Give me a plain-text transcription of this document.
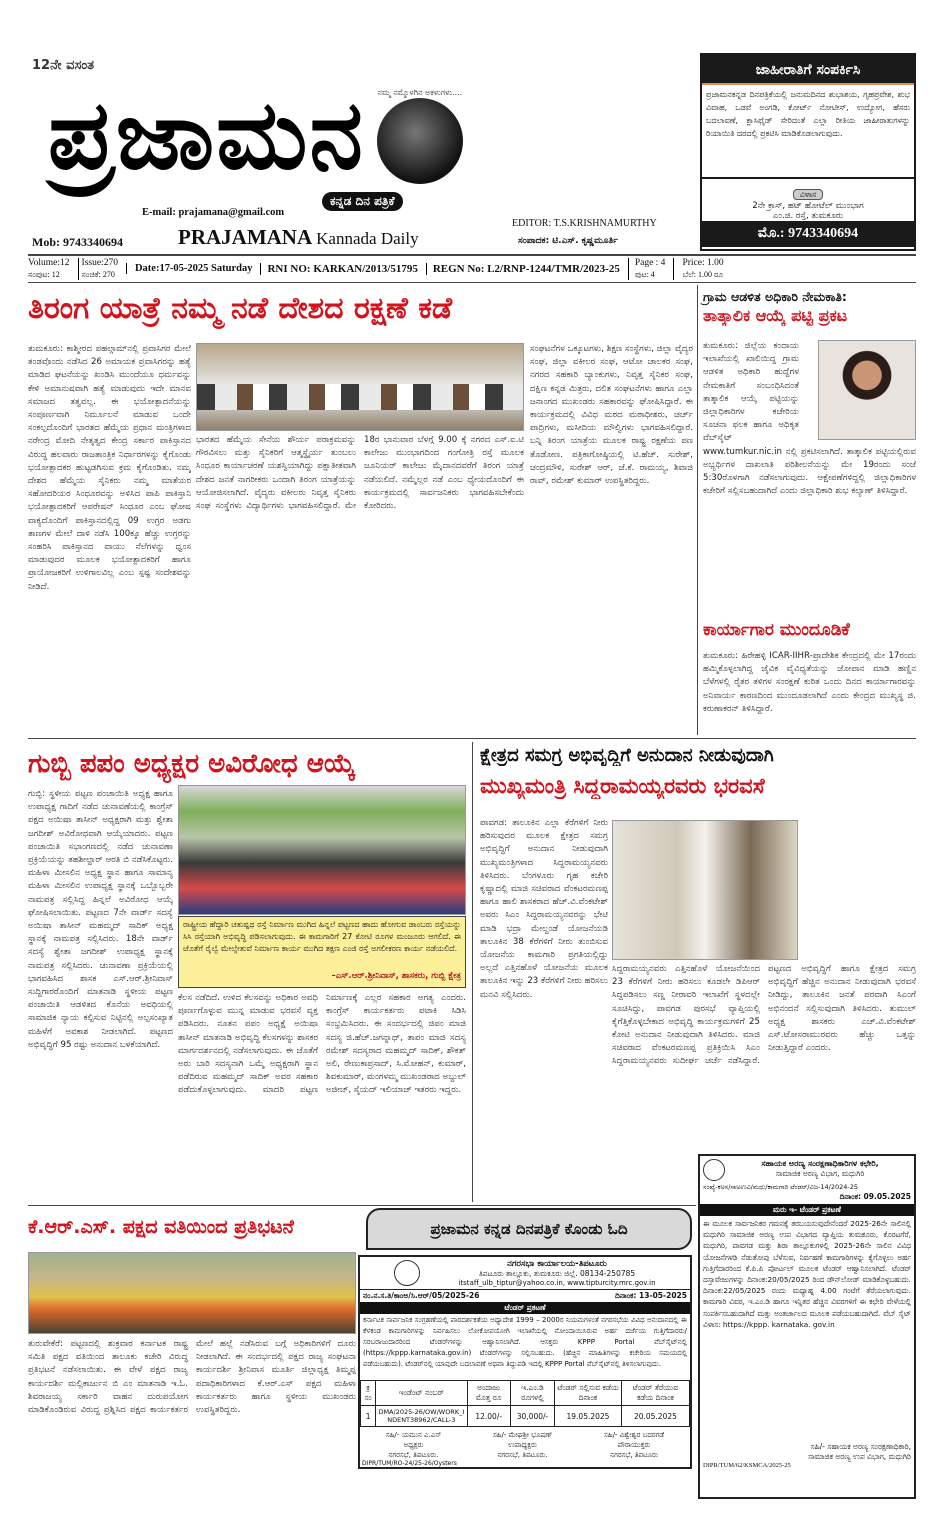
12ನೇ ವಸಂತ
ಪ್ರಜಾಮನ ನಮ್ಮ ನಮ್ಮೊಳಗಿನ ಅಕಳುಗಳು....
ಕನ್ನಡ ದಿನ ಪತ್ರಿಕೆ
E-mail: prajamana@gmail.com
Mob: 9743340694	PRAJAMANA Kannada Daily
EDITOR: T.S.KRISHNAMURTHY
ಸಂಪಾದಕ: ಟಿ.ಎಸ್. ಕೃಷ್ಣಮೂರ್ತಿ
ಜಾಹೀರಾತಿಗೆ ಸಂಪರ್ಕಿಸಿ
ಪ್ರಜಾಮನಕನ್ನಡ ದಿನಪತ್ರಿಕೆಯಲ್ಲಿ ಜನುಮದಿನದ ಶುಭಾಶಯ, ಗೃಹಪ್ರವೇಶ, ಶುಭ ವಿವಾಹ, ಒಡವೆ ಅಂಗಡಿ, ಕೋರ್ಟ್ ನೋಟೀಸ್, ಉದ್ಯೋಗ, ಹೆಸರು ಬದಲಾವಣೆ, ಕ್ಲಾಸಿಫೈಡ್ ಸೇರಿದಂತೆ ಎಲ್ಲಾ ರೀತಿಯ ಜಾಹೀರಾತುಗಳನ್ನು ರಿಯಾಯಿತಿ ದರದಲ್ಲಿ ಪ್ರಕಟಿಸಿ ಮಾಡಿಕೊಡಲಾಗುವುದು.
ವಿಳಾಸ
2ನೇ ಕ್ರಾಸ್, ಹಟ್ ಹೋಟೆಲ್ ಮುಂಭಾಗ
ಎಂ.ಜಿ. ರಸ್ತೆ, ತುಮಕೂರು
ಮೊ.: 9743340694
Volume:12
ಸಂಪುಟ: 12
Issue:270
ಸಂಚಿಕೆ: 270	Date:17-05-2025 Saturday	RNI NO: KARKAN/2013/51795	REGN No: L2/RNP-1244/TMR/2023-25 Page : 4
ಪುಟ: 4
Price: 1.00
ಬೆಲೆ: 1.00 ರೂ
ತಿರಂಗ ಯಾತ್ರೆ ನಮ್ಮ ನಡೆ ದೇಶದ ರಕ್ಷಣೆ ಕಡೆ
ತುಮಕೂರು: ಕಾಶ್ಮೀರದ ಪಹಲ್ಗಾಮ್‌ನಲ್ಲಿ ಪ್ರವಾಸಿಗರ ಮೇಲೆ ತಂಡವೊಂದು ನಡೆಸಿದ 26 ಅಮಾಯಕ ಪ್ರವಾಸಿಗರನ್ನು ಹತ್ಯೆ ಮಾಡಿದ ಘಟನೆಯನ್ನು ಖಂಡಿಸಿ ಮುಂದೆಯೂ ಧರ್ಮವನ್ನು ಕೇಳಿ ಅಮಾನುಷವಾಗಿ ಹತ್ಯೆ ಮಾಡುವುದು ಇದೇ ಮಾನವ ಸಮಾಜದ ತತ್ವವಲ್ಲ. ಈ ಭಯೋತ್ಪಾದನೆಯನ್ನು ಸಂಪೂರ್ಣವಾಗಿ ನಿರ್ಮೂಲನೆ ಮಾಡುವ ಒಂದೇ ಸಂಕಲ್ಪದೊಂದಿಗೆ ಭಾರತದ ಹೆಮ್ಮೆಯ ಪ್ರಧಾನ ಮಂತ್ರಿಗಳಾದ ನರೇಂದ್ರ ಮೋದಿ ನೇತೃತ್ವದ ಕೇಂದ್ರ ಸರ್ಕಾರ ಪಾಕಿಸ್ತಾನದ ವಿರುದ್ಧ ಹಲವಾರು ರಾಜತಾಂತ್ರಿಕ ನಿರ್ಧಾರಗಳನ್ನು ಕೈಗೊಂಡು ಭಯೋತ್ಪಾದಕರ ಹುಟ್ಟಡಗಿಸುವ ಕ್ರಮ ಕೈಗೊಂಡಿತು. ನಮ್ಮ ದೇಶದ ಹೆಮ್ಮೆಯ ಸೈನಿಕರು ನಮ್ಮ ಮಾತೆಯರ ಸಹೋದರಿಯರ ಸಿಂಧೂರವನ್ನು ಅಳಿಸಿದ ಪಾಪಿ ಪಾಕಿಸ್ತಾನಿ ಭಯೋತ್ಪಾದಕರಿಗೆ ಆಪರೇಷನ್ ಸಿಂಧೂರ ಎಂಬ ಘೋಷ ವಾಕ್ಯದೊಂದಿಗೆ ಪಾಕಿಸ್ತಾನದಲ್ಲಿದ್ದ 09 ಉಗ್ರರ ಅಡಗು ತಾಣಗಳ ಮೇಲೆ ದಾಳಿ ನಡೆಸಿ 100ಕ್ಕೂ ಹೆಚ್ಚು ಉಗ್ರರನ್ನು ಸಂಹರಿಸಿ ಪಾಕಿಸ್ತಾನದ ವಾಯು ನೆಲೆಗಳನ್ನು ಧ್ವಂಸ ಮಾಡುವುದರ ಮೂಲಕ ಭಯೋತ್ಪಾದಕರಿಗೆ ಹಾಗೂ ಪ್ರಾಯೋಜಕರಿಗೆ ಉಳಿಗಾಲವಿಲ್ಲ ಎಂಬ ಸ್ಪಷ್ಟ ಸಂದೇಶವನ್ನು ನೀಡಿದೆ.
ಭಾರತದ ಹೆಮ್ಮೆಯ ಸೇನೆಯ ಶೌರ್ಯ ಪರಾಕ್ರಮವನ್ನು ಗೌರವಿಸಲು ಮತ್ತು ಸೈನಿಕರಿಗೆ ಆತ್ಮಸ್ಥೈರ್ಯ ತುಂಬಲು ಸಿಂಧೂರ ಕಾರ್ಯಾಚರಣೆ ಯಶಸ್ವಿಯಾಗಿದ್ದು ಪಕ್ಷಾತೀತವಾಗಿ ದೇಶದ ಜನತೆ ನಾಗರೀಕರು ಒಂದಾಗಿ ತಿರಂಗ ಯಾತ್ರೆಯನ್ನು ಆಯೋಜಿಸಲಾಗಿದೆ. ವೈದ್ಯರು ವಕೀಲರು ನಿವೃತ್ತ ಸೈನಿಕರು ಸಂಘ ಸಂಸ್ಥೆಗಳು ವಿದ್ಯಾರ್ಥಿಗಳು ಭಾಗವಹಿಸಲಿದ್ದಾರೆ. ಮೇ 18ರ ಭಾನುವಾರ ಬೆಳಗ್ಗೆ 9.00 ಕ್ಕೆ ನಗರದ ಎಸ್.ಐ.ಟಿ ಕಾಲೇಜು ಮುಂಭಾಗದಿಂದ ಗಂಗೋತ್ರಿ ರಸ್ತೆ ಮೂಲಕ ಜೂನಿಯರ್ ಕಾಲೇಜು ಮೈದಾನದವರೆಗೆ ತಿರಂಗ ಯಾತ್ರೆ ನಡೆಯಲಿದೆ. ನಮ್ಮೆಲ್ಲರ ನಡೆ ಎಂಬ ಧ್ಯೇಯದೊಂದಿಗೆ ಈ ಕಾರ್ಯಕ್ರಮದಲ್ಲಿ ಸಾರ್ವಜನಿಕರು ಭಾಗವಹಿಸಬೇಕೆಂದು ಕೋರಿದರು.
ಸಂಘಟನೆಗಳ ಒಕ್ಕೂಟಗಳು, ಶಿಕ್ಷಣ ಸಂಸ್ಥೆಗಳು, ಜಿಲ್ಲಾ ವೈದ್ಯರ ಸಂಘ, ಜಿಲ್ಲಾ ವಕೀಲರ ಸಂಘ, ಆಟೋ ಚಾಲಕರ ಸಂಘ, ನಗರದ ಸಹಕಾರಿ ಬ್ಯಾಂಕುಗಳು, ನಿವೃತ್ತ ಸೈನಿಕರ ಸಂಘ, ದಕ್ಷಿಣ ಕನ್ನಡ ಮಿತ್ರರು, ದಲಿತ ಸಂಘಟನೆಗಳು ಹಾಗೂ ಎಲ್ಲಾ ಜನಾಂಗದ ಮುಖಂಡರು ಸಹಕಾರವನ್ನು ಘೋಷಿಸಿದ್ದಾರೆ. ಈ ಕಾರ್ಯಕ್ರಮದಲ್ಲಿ ವಿವಿಧ ಮಠದ ಮಠಾಧೀಶರು, ಚರ್ಚ್ ಪಾದ್ರಿಗಳು, ಮಸೀದಿಯ ಮೌಲ್ವಿಗಳು ಭಾಗವಹಿಸಲಿದ್ದಾರೆ. ಬನ್ನಿ ತಿರಂಗ ಯಾತ್ರೆಯ ಮೂಲಕ ರಾಷ್ಟ್ರ ರಕ್ಷಣೆಯ ಪಣ ತೊಡೋಣ. ಪತ್ರಿಕಾಗೋಷ್ಠಿಯಲ್ಲಿ ಟಿ.ಹೆಚ್. ಸುರೇಶ್, ಚಂದ್ರಮೌಳಿ, ಸುರೇಶ್ ಆರ್, ಜೆ.ಕೆ. ರಾಮಯ್ಯ, ಶಿವಾಜಿ ರಾವ್, ರಮೇಶ್ ಕುಮಾರ್ ಉಪಸ್ಥಿತರಿದ್ದರು.
ಗ್ರಾಮ ಆಡಳಿತ ಅಧಿಕಾರಿ ನೇಮಕಾತಿ:
ತಾತ್ಕಾಲಿಕ ಆಯ್ಕೆ ಪಟ್ಟಿ ಪ್ರಕಟ
ತುಮಕೂರು: ಜಿಲ್ಲೆಯ ಕಂದಾಯ ಇಲಾಖೆಯಲ್ಲಿ ಖಾಲಿಯಿದ್ದ ಗ್ರಾಮ ಆಡಳಿತ ಅಧಿಕಾರಿ ಹುದ್ದೆಗಳ ನೇಮಕಾತಿಗೆ ಸಂಬಂಧಿಸಿದಂತೆ ತಾತ್ಕಾಲಿಕ ಆಯ್ಕೆ ಪಟ್ಟಿಯನ್ನು ಜಿಲ್ಲಾಧಿಕಾರಿಗಳ ಕಚೇರಿಯ ಸೂಚನಾ ಫಲಕ ಹಾಗೂ ಅಧಿಕೃತ ವೆಬ್‌ಸೈಟ್ www.tumkur.nic.in ನಲ್ಲಿ ಪ್ರಕಟಿಸಲಾಗಿದೆ. ತಾತ್ಕಾಲಿಕ ಪಟ್ಟಿಯಲ್ಲಿರುವ ಅಭ್ಯರ್ಥಿಗಳ ದಾಖಲಾತಿ ಪರಿಶೀಲನೆಯನ್ನು ಮೇ 19ರಂದು ಸಂಜೆ 5:30ರೊಳಗಾಗಿ ನಡೆಸಲಾಗುವುದು. ಆಕ್ಷೇಪಣೆಗಳಿದ್ದಲ್ಲಿ ಜಿಲ್ಲಾಧಿಕಾರಿಗಳ ಕಚೇರಿಗೆ ಸಲ್ಲಿಸಬಹುದಾಗಿದೆ ಎಂದು ಜಿಲ್ಲಾಧಿಕಾರಿ ಶುಭ ಕಲ್ಯಾಣ್ ತಿಳಿಸಿದ್ದಾರೆ.
ಕಾರ್ಯಾಗಾರ ಮುಂದೂಡಿಕೆ
ತುಮಕೂರು: ಹಿರೇಹಳ್ಳಿ ICAR-IIHR-ಪ್ರಾದೇಶಿಕ ಕೇಂದ್ರದಲ್ಲಿ ಮೇ 17ರಂದು ಹಮ್ಮಿಕೊಳ್ಳಲಾಗಿದ್ದ ಜೈವಿಕ ವೈವಿಧ್ಯತೆಯನ್ನು ಜೋಪಾನ ಮಾಡಿ ಹಣ್ಣಿನ ಬೆಳೆಗಳಲ್ಲಿ ರೈತರ ತಳಿಗಳ ಸಂರಕ್ಷಣೆ ಕುರಿತ ಒಂದು ದಿನದ ಕಾರ್ಯಾಗಾರವನ್ನು ಅನಿವಾರ್ಯ ಕಾರಣದಿಂದ ಮುಂದೂಡಲಾಗಿದೆ ಎಂದು ಕೇಂದ್ರದ ಮುಖ್ಯಸ್ಥ ಜಿ. ಕರುಣಾಕರನ್ ತಿಳಿಸಿದ್ದಾರೆ.
ಗುಬ್ಬಿ ಪಪಂ ಅಧ್ಯಕ್ಷರ ಅವಿರೋಧ ಆಯ್ಕೆ
ಗುಬ್ಬಿ: ಸ್ಥಳೀಯ ಪಟ್ಟಣ ಪಂಚಾಯಿತಿ ಅಧ್ಯಕ್ಷ ಹಾಗೂ ಉಪಾಧ್ಯಕ್ಷ ಗಾದಿಗೆ ನಡೆದ ಚುನಾವಣೆಯಲ್ಲಿ ಕಾಂಗ್ರೆಸ್ ಪಕ್ಷದ ಅಯಿಷಾ ತಾಸೀನ್ ಅಧ್ಯಕ್ಷರಾಗಿ ಮತ್ತು ಶ್ವೇತಾ ಜಗದೀಶ್ ಅವಿರೋಧವಾಗಿ ಆಯ್ಕೆಯಾದರು. ಪಟ್ಟಣ ಪಂಚಾಯಿತಿ ಸಭಾಂಗಣದಲ್ಲಿ ನಡೆದ ಚುನಾವಣಾ ಪ್ರಕ್ರಿಯೆಯನ್ನು ತಹಶೀಲ್ದಾರ್ ಆರತಿ ಬಿ ನಡೆಸಿಕೊಟ್ಟರು. ಮಹಿಳಾ ಮೀಸಲಿನ ಅಧ್ಯಕ್ಷ ಸ್ಥಾನ ಹಾಗೂ ಸಾಮಾನ್ಯ ಮಹಿಳಾ ಮೀಸಲಿನ ಉಪಾಧ್ಯಕ್ಷ ಸ್ಥಾನಕ್ಕೆ ಒಬ್ಬೊಬ್ಬರೇ ನಾಮಪತ್ರ ಸಲ್ಲಿಸಿದ್ದ ಹಿನ್ನಲೆ ಅವಿರೋಧ ಆಯ್ಕೆ ಘೋಷಿಸಲಾಯಿತು. ಪಟ್ಟಣದ 7ನೇ ವಾರ್ಡ್ ಸದಸ್ಯೆ ಅಯಿಷಾ ತಾಸೀನ್ ಮಹಮ್ಮದ್ ಸಾದಿಕ್ ಅಧ್ಯಕ್ಷ ಸ್ಥಾನಕ್ಕೆ ನಾಮಪತ್ರ ಸಲ್ಲಿಸಿದರು. 18ನೇ ವಾರ್ಡ್ ಸದಸ್ಯೆ ಶ್ವೇತಾ ಜಗದೀಶ್ ಉಪಾಧ್ಯಕ್ಷ ಸ್ಥಾನಕ್ಕೆ ನಾಮಪತ್ರ ಸಲ್ಲಿಸಿದರು. ಚುನಾವಣಾ ಪ್ರಕ್ರಿಯೆಯಲ್ಲಿ ಭಾಗವಹಿಸಿದ ಶಾಸಕ ಎಸ್.ಆರ್.ಶ್ರೀನಿವಾಸ್ ಸುದ್ದಿಗಾರರೊಂದಿಗೆ ಮಾತನಾಡಿ ಸ್ಥಳೀಯ ಪಟ್ಟಣ ಪಂಚಾಯಿತಿ ಆಡಳಿತದ ಕೊನೆಯ ಅವಧಿಯಲ್ಲಿ ಸಾಮಾಜಿಕ ನ್ಯಾಯ ಕಲ್ಪಿಸುವ ನಿಟ್ಟಿನಲ್ಲಿ ಅಲ್ಪಸಂಖ್ಯಾತ ಮಹಿಳೆಗೆ ಅವಕಾಶ ನೀಡಲಾಗಿದೆ. ಪಟ್ಟಣದ ಅಭಿವೃದ್ಧಿಗೆ 95 ರಷ್ಟು ಅನುದಾನ ಬಳಕೆಯಾಗಿದೆ.
ರಾಷ್ಟ್ರೀಯ ಹೆದ್ದಾರಿ ಚತುಷ್ಪಥ ರಸ್ತೆ ನಿರ್ಮಾಣ ಮುಗಿದ ಹಿನ್ನಲೆ ಪಟ್ಟಣದ ಹಾದು ಹೋಗುವ ಡಾಂಬರು ರಸ್ತೆಯನ್ನು ಸಿಸಿ ರಸ್ತೆಯಾಗಿ ಅಭಿವೃದ್ಧಿ ಪಡಿಸಲಾಗುವುದು. ಈ ಕಾಮಗಾರಿಗೆ 27 ಕೋಟಿ ರೂಗಳ ಮಂಜೂರು ಆಗಲಿದೆ. ಈ ಜೊತೆಗೆ ರೈಲ್ವೆ ಮೇಲ್ಸೇತುವೆ ನಿರ್ಮಾಣ ಕಾರ್ಯ ಮುಗಿದ ತಕ್ಷಣ ಎಂಜಿ ರಸ್ತೆ ಅಗಲೀಕರಣ ಕಾರ್ಯ ನಡೆಯಲಿದೆ.
–ಎಸ್.ಆರ್.ಶ್ರೀನಿವಾಸ್, ಶಾಸಕರು, ಗುಬ್ಬಿ ಕ್ಷೇತ್ರ
ಕೆಲಸ ನಡೆದಿದೆ. ಉಳಿದ ಕೆಲಸವನ್ನು ಅಧಿಕಾರ ಅವಧಿ ಪೂರ್ಣಗೊಳ್ಳುವ ಮುನ್ನ ಮಾಡುವ ಭರವಸೆ ವ್ಯಕ್ತ ಪಡಿಸಿದರು. ನೂತನ ಪಪಂ ಅಧ್ಯಕ್ಷೆ ಅಯಿಷಾ ತಾಸೀನ್ ಮಾತನಾಡಿ ಅಭಿವೃದ್ಧಿ ಕೆಲಸಗಳನ್ನು ಶಾಸಕರ ಮಾರ್ಗದರ್ಶನದಲ್ಲಿ ನಡೆಸಲಾಗುವುದು. ಈ ಜೊತೆಗೆ ಅರು ಬಾರಿ ಸದಸ್ಯನಾಗಿ ಒಮ್ಮೆ ಅಧ್ಯಕ್ಷರಾಗಿ ಸ್ಥಾನ ಪಡೆದಿರುವ ಮಹಮ್ಮದ್ ಸಾದಿಕ್ ಅವರ ಸಹಕಾರ ಪಡೆದುಕೊಳ್ಳಲಾಗುವುದು. ಮಾದರಿ ಪಟ್ಟಣ ನಿರ್ಮಾಣಕ್ಕೆ ಎಲ್ಲರ ಸಹಕಾರ ಅಗತ್ಯ ಎಂದರು. ಕಾಂಗ್ರೆಸ್ ಕಾರ್ಯಕರ್ತರು ಪಟಾಕಿ ಸಿಡಿಸಿ ಸಂಭ್ರಮಿಸಿದರು. ಈ ಸಂದರ್ಭದಲ್ಲಿ ಜಿಪಂ ಮಾಜಿ ಸದಸ್ಯ ಜಿ.ಹೆಚ್.ಜಗನ್ನಾಥ್, ತಾಪಂ ಮಾಜಿ ಸದಸ್ಯ ರಮೇಶ್ ಸದಸ್ಯರಾದ ಮಹಮ್ಮದ್ ಸಾದಿಕ್, ಶೌಕತ್ ಅಲಿ, ರೇಣುಕಾಪ್ರಸಾದ್, ಸಿ.ಮೋಹನ್, ಕುಮಾರ್, ಶಿವಕುಮಾರ್, ಮಂಗಳಮ್ಮ ಮುಖಂಡರಾದ ಅಬ್ದುಲ್ ಅಜೀಜ್, ಸೈಯದ್ ಇಲಿಯಾಜ್ ಇತರರು ಇದ್ದರು.
ಕ್ಷೇತ್ರದ ಸಮಗ್ರ ಅಭಿವೃದ್ಧಿಗೆ ಅನುದಾನ ನೀಡುವುದಾಗಿ
ಮುಖ್ಯಮಂತ್ರಿ ಸಿದ್ದರಾಮಯ್ಯರವರು ಭರವಸೆ
ಪಾವಗಡ: ತಾಲೂಕಿನ ಎಲ್ಲಾ ಕೆರೆಗಳಿಗೆ ನೀರು ಹರಿಸುವುದರ ಮೂಲಕ ಕ್ಷೇತ್ರದ ಸಮಗ್ರ ಅಭಿವೃದ್ಧಿಗೆ ಅನುದಾನ ನೀಡುವುದಾಗಿ ಮುಖ್ಯಮಂತ್ರಿಗಳಾದ ಸಿದ್ದರಾಮಯ್ಯನವರು ತಿಳಿಸಿದರು. ಬೆಂಗಳೂರು ಗೃಹ ಕಚೇರಿ ಕೃಷ್ಣಾದಲ್ಲಿ ಮಾಜಿ ಸಚಿವರಾದ ವೆಂಕಟರಮಣಪ್ಪ ಹಾಗೂ ಹಾಲಿ ಶಾಸಕರಾದ ಹೆಚ್.ವಿ.ವೆಂಕಟೇಶ್ ಅವರು ಸಿಎಂ ಸಿದ್ದರಾಮಯ್ಯನವರನ್ನು ಭೇಟಿ ಮಾಡಿ ಭದ್ರಾ ಮೇಲ್ದಂಡೆ ಯೋಜನೆಯಡಿ ತಾಲೂಕಿನ 38 ಕೆರೆಗಳಿಗೆ ನೀರು ತುಂಬಿಸುವ ಯೋಜನೆಯ ಕಾಮಗಾರಿ ಪ್ರಗತಿಯಲ್ಲಿದ್ದು ಅಲ್ಲದೆ ಎತ್ತಿನಹೊಳೆ ಯೋಜನೆಯ ಮೂಲಕ ತಾಲೂಕಿನ ಇನ್ನು 23 ಕೆರೆಗಳಿಗೆ ನೀರು ಹರಿಸಲು ಮನವಿ ಸಲ್ಲಿಸಿದರು.
ಸಿದ್ದರಾಮಯ್ಯನವರು ಎತ್ತಿನಹೊಳೆ ಯೋಜನೆಯಿಂದ 23 ಕೆರೆಗಳಿಗೆ ನೀರು ಹರಿಸಲು ಕೂಡಲೇ ಡಿಪಿಆರ್ ಸಿದ್ದಪಡಿಸಲು ಸಣ್ಣ ನೀರಾವರಿ ಇಲಾಖೆಗೆ ಸ್ಥಳದಲ್ಲೇ ಸೂಚಿಸಿದ್ದು, ಪಾವಗಡ ಪುರಸಭೆ ವ್ಯಾಪ್ತಿಯಲ್ಲಿ ಕೈಗೆತ್ತಿಕೊಳ್ಳಬೇಕಾದ ಅಭಿವೃದ್ಧಿ ಕಾರ್ಯಕ್ರಮಗಳಿಗೆ 25 ಕೋಟಿ ಅನುದಾನ ನೀಡುವುದಾಗಿ ತಿಳಿಸಿದರು. ಮಾಜಿ ಸಚಿವರಾದ ವೆಂಕಟರಮಣಪ್ಪ ಪ್ರತಿಕ್ರಿಯಿಸಿ ಸಿಎಂ ಸಿದ್ದರಾಮಯ್ಯನವರು ಸುದೀರ್ಘ ಚರ್ಚೆ ನಡೆಸಿದ್ದಾರೆ. ಪಟ್ಟಣದ ಅಭಿವೃದ್ಧಿಗೆ ಹಾಗೂ ಕ್ಷೇತ್ರದ ಸಮಗ್ರ ಅಭಿವೃದ್ಧಿಗೆ ಹೆಚ್ಚಿನ ಅನುದಾನ ನೀಡುವುದಾಗಿ ಭರವಸೆ ನೀಡಿದ್ದು, ತಾಲೂಕಿನ ಜನತೆ ಪರವಾಗಿ ಸಿಎಂಗೆ ಅಭಿನಂದನೆ ಸಲ್ಲಿಸುವುದಾಗಿ ತಿಳಿಸಿದರು. ತುಮುಲ್ ಅಧ್ಯಕ್ಷ ಶಾಸಕರು ಎಚ್.ವಿ.ವೆಂಕಟೇಶ್ ಎಸ್.ಟೋಸರಾಮುರವರು ಹೆಚ್ಚು ಒತ್ತನ್ನು ನೀಡುತ್ತಿದ್ದಾರೆ ಎಂದರು.
ಸಹಾಯಕ ಅರಣ್ಯ ಸಂರಕ್ಷಣಾಧಿಕಾರಿಗಳ ಕಛೇರಿ,
ಸಾಮಾಜಿಕ ಅರಣ್ಯ ವಿಭಾಗ, ಮಧುಗಿರಿ
ಸಂಖ್ಯೆ-ಕಅಸ/ಸಾಅಉವಿ/ಮಧು/ಕಾಮಗಾರಿ ಟೆಂಡರ್/ವಿಜ-14/2024-25
ದಿನಾಂಕ: 09.05.2025
ಮರು ಇ- ಟೆಂಡರ್ ಪ್ರಕಟಣೆ
ಈ ಮೂಲಕ ಸಾರ್ವಜನಿಕರ ಗಮನಕ್ಕೆ ತರಬಯಸುವುದೇನೆಂದರೆ 2025-26ನೇ ಸಾಲಿನಲ್ಲಿ ಮಧುಗಿರಿ ಸಾಮಾಜಿಕ ಅರಣ್ಯ ಉಪ ವಿಭಾಗದ ವ್ಯಾಪ್ತಿಯ ತುಮಕೂರು, ಕೊರಟಗೆರೆ, ಮಧುಗಿರಿ, ಪಾವಗಡ ಮತ್ತು ಶಿರಾ ತಾಲ್ಲೂಕುಗಳಲ್ಲಿ 2025-26ನೇ ಸಾಲಿನ ವಿವಿಧ ಯೋಜನೆಗಳಡಿ ನೆಡುತೋಪು ಬೆಳೆಸುವ, ನಿರ್ವಹಣೆ ಕಾಮಗಾರಿಗಳನ್ನು ಕೈಗೊಳ್ಳಲು ಅರ್ಹ ಗುತ್ತಿಗೆದಾರರಿಂದ ಕೆ.ಪಿ.ಪಿ ಪೋರ್ಟಲ್ ಮೂಲಕ ಟೆಂಡರ್ ಆಹ್ವಾನಿಸಲಾಗಿದೆ. ಟೆಂಡರ್ ದಸ್ತಾವೇಜುಗಳನ್ನು ದಿನಾಂಕ:20/05/2025 ರಿಂದ ಡೌನ್‌ಲೋಡ್ ಮಾಡಿಕೊಳ್ಳಬಹುದು. ದಿನಾಂಕ:22/05/2025 ರಂದು ಮಧ್ಯಾಹ್ನ 4.00 ಗಂಟೆಗೆ ತೆರೆಯಲಾಗುವುದು. ಕಾಮಗಾರಿ ವಿವರ, ಇ.ಎಂ.ಡಿ ಹಾಗೂ ಇನ್ನಿತರ ಹೆಚ್ಚಿನ ವಿವರಗಳಿಗೆ ಈ ಕಛೇರಿ ವೇಳೆಯಲ್ಲಿ ಸಂಪರ್ಕಿಸಬಹುದಾಗಿದೆ ಮತ್ತು ಅಂತರ್ಜಾಲದ ಮೂಲಕ ಪಡೆಯಬಹುದಾಗಿದೆ. ವೆಬ್ ಸೈಟ್ ವಿಳಾಸ: https://kppp. karnataka. gov.in
ಸಹಿ/- ಸಹಾಯಕ ಅರಣ್ಯ ಸಂರಕ್ಷಣಾಧಿಕಾರಿ,
ಸಾಮಾಜಿಕ ಅರಣ್ಯ ಉಪ ವಿಭಾಗ, ಮಧುಗಿರಿ
DIPR/TUM/62/KSMCA/2025-25
ಕೆ.ಆರ್.ಎಸ್. ಪಕ್ಷದ ವತಿಯಿಂದ ಪ್ರತಿಭಟನೆ
ತುರುವೇಕೆರೆ: ಪಟ್ಟಣದಲ್ಲಿ ಶುಕ್ರವಾರ ಕರ್ನಾಟಕ ರಾಷ್ಟ್ರ ಸಮಿತಿ ಪಕ್ಷದ ವತಿಯಿಂದ ತಾಲೂಕು ಕಚೇರಿ ವಿರುದ್ಧ ಪ್ರತಿಭಟನೆ ನಡೆಸಲಾಯಿತು. ಈ ವೇಳೆ ಪಕ್ಷದ ರಾಜ್ಯ ಕಾರ್ಯದರ್ಶಿ ಮಲ್ಲಿಕಾರ್ಜುನ ಬಿ ಎಂ ಮಾತನಾಡಿ ಇ.ಓ. ಶಿವರಾಜಯ್ಯ ಸರ್ಕಾರಿ ವಾಹನ ದುರುಪಯೋಗ ಮಾಡಿಕೊಂಡಿರುವ ವಿರುದ್ಧ ಪ್ರಶ್ನಿಸಿದ ಪಕ್ಷದ ಕಾರ್ಯಕರ್ತರ ಮೇಲೆ ಹಲ್ಲೆ ನಡೆಸಿರುವ ಬಗ್ಗೆ ಅಧಿಕಾರಿಗಳಿಗೆ ದೂರು ನೀಡಲಾಗಿದೆ. ಈ ಸಂದರ್ಭದಲ್ಲಿ ಪಕ್ಷದ ರಾಜ್ಯ ಸಂಘಟನಾ ಕಾರ್ಯದರ್ಶಿ ಶ್ರೀನಿವಾಸ ಮೂರ್ತಿ ಜಿಲ್ಲಾಧ್ಯಕ್ಷ ತಿಮ್ಮಪ್ಪ ಪದಾಧಿಕಾರಿಗಳಾದ ಕೆ.ಆರ್.ಎಸ್ ಪಕ್ಷದ ಮಹಿಳಾ ಕಾರ್ಯಕರ್ತರು ಹಾಗೂ ಸ್ಥಳೀಯ ಮುಖಂಡರು ಉಪಸ್ಥಿತರಿದ್ದರು.
ಪ್ರಜಾಮನ ಕನ್ನಡ ದಿನಪತ್ರಿಕೆ ಕೊಂಡು ಓದಿ
ನಗರಸಭಾ ಕಾರ್ಯಾಲಯ-ತಿಪಟೂರು
ತಿಪಟೂರು ತಾಲ್ಲೂಕು, ತುಮಕೂರು ಜಿಲ್ಲೆ. 08134-250785
itstaff_ulb_tiptur@yahoo.co.in, www.tipturcity.mrc.gov.in
ನಂ.ನ.ಸ.ತಿ/ಕಾಂಅ/ಸಿ.ಆರ್/05/2025-26	ದಿನಾಂಕ: 13-05-2025
ಟೆಂಡರ್ ಪ್ರಕಟಣೆ
ಕರ್ನಾಟಕ ಸಾರ್ವಜನಿಕ ಸಂಗ್ರಹಣೆಯಲ್ಲಿ ಪಾರದರ್ಶಕತೆಯ ಅಧ್ಯಾದೇಶ 1999 – 2000ರ ನಿಯಮಗಳಂತೆ ನಗರಸಭೆಯ ವಿವಿಧ ಅನುದಾನದಲ್ಲಿ ಈ ಕೆಳಕಂಡ ಕಾಮಗಾರಿಗಳನ್ನು ನಿರ್ವಹಿಸಲು ಲೋಕೋಪಯೋಗಿ ಇಲಾಖೆಯಲ್ಲಿ ನೋಂದಾಯಿಸಿರುವ ಅರ್ಹ ದರ್ಜೆಯ ಗುತ್ತಿಗೆದಾರರು/ಸರಬರಾಜುದಾರರಿಂದ ಟೆಂಡರ್‌ಗಳನ್ನು ಆಹ್ವಾನಿಸಲಾಗಿದೆ. ಆಸಕ್ತರು KPPP Portal ವೆಬ್‌ಸೈಟ್‌ನಲ್ಲಿ (https://kppp.karnataka.gov.in) ಟೆಂಡರ್‌ಗಳನ್ನು ಸಲ್ಲಿಸಬಹುದು. (ಹೆಚ್ಚಿನ ಮಾಹಿತಿಗಳನ್ನು ಕಚೇರಿಯ ಸಮಯದಲ್ಲಿ ಪಡೆಯಬಹುದು). ಟೆಂಡರ್‌ನಲ್ಲಿ ಯಾವುದೇ ಬದಲಾವಣೆ ಅಥವಾ ತಿದ್ದುಪಡಿ ಇದಲ್ಲಿ KPPP Portal ವೆಬ್‌ಸೈಟ್‌ನಲ್ಲಿ ತಿಳಿಸಲಾಗುವುದು.
ಕ್ರ ಸಂ	ಇಂಡೆಂಟ್ ನಂಬರ್	ಅಂದಾಜು ಮೊತ್ತ ರೂ	ಇ.ಎಂ.ಡಿ ರೂಗಳಲ್ಲಿ	ಟೆಂಡರ್ ಸಲ್ಲಿಸುವ ಕಡೆಯ ದಿನಾಂಕ	ಟೆಂಡರ್ ತೆರೆಯುವ ಕಡೆಯ ದಿನಾಂಕ
1	DMA/2025-26/OW/WORK_INDENT38962/CALL-3	12.00/-	30,000/-	19.05.2025	20.05.2025
ಸಹಿ/- ಯಮುನ ಎ.ಎಸ್
ಅಧ್ಯಕ್ಷರು
ನಗರಸಭೆ, ತಿಪಟೂರು.
ಸಹಿ/- ಮೇಘಶ್ರೀ ಭೂಷಣ್
ಉಪಾಧ್ಯಕ್ಷರು
ನಗರಸಭೆ, ತಿಪಟೂರು.
ಸಹಿ/- ವಿಶ್ವೇಶ್ವರ ಬದರಗಡೆ
ಪೌರಾಯುಕ್ತರು
ನಗರಸಭೆ, ತಿಪಟೂರು
DIPR/TUM/RO-24/25-26/Oysters
